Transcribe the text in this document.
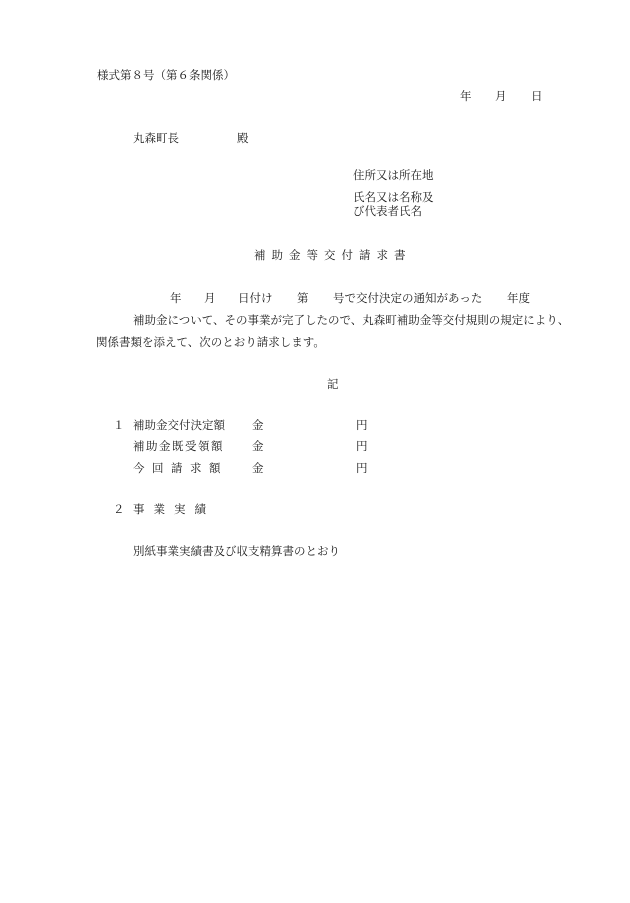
様式第８号（第６条関係）
年 月 日
丸森町長	殿
住所又は所在地
氏名又は名称及
び代表者氏名
補助金等交付請求書
年 月 日付け 第 号で交付決定の通知があった 年度
補助金について、その事業が完了したので、丸森町補助金等交付規則の規定により、
関係書類を添えて、次のとおり請求します。
記
１ 補助金交付決定額 金	円
補助金既受領額 金	円
今回請求額 金	円
２ 事業実績
別紙事業実績書及び収支精算書のとおり
